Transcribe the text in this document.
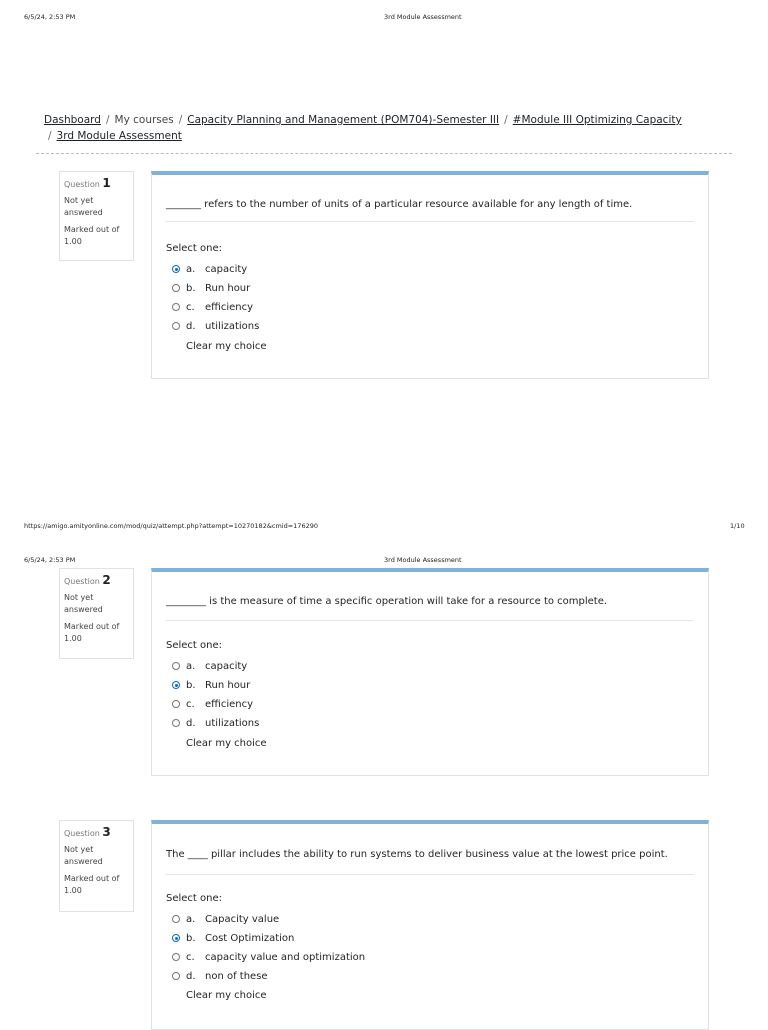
6/5/24, 2:53 PM	3rd Module Assessment
Dashboard / My courses / Capacity Planning and Management (POM704)-Semester III / #Module III Optimizing Capacity
/ 3rd Module Assessment
Question 1
Not yet answered
Marked out of 1.00
_______ refers to the number of units of a particular resource available for any length of time.
Select one:
a. capacity
b. Run hour
c.	efficiency
d. utilizations
Clear my choice
https://amigo.amityonline.com/mod/quiz/attempt.php?attempt=10270182&cmid=176290	1/10
6/5/24, 2:53 PM	3rd Module Assessment
Question 2
Not yet answered
Marked out of 1.00
________ is the measure of time a specific operation will take for a resource to complete.
Select one:
a. capacity
b. Run hour
c.	efficiency
d. utilizations
Clear my choice
Question 3
Not yet answered
Marked out of 1.00
The ____ pillar includes the ability to run systems to deliver business value at the lowest price point.
Select one:
a. Capacity value
b. Cost Optimization
c.	capacity value and optimization
d. non of these
Clear my choice
